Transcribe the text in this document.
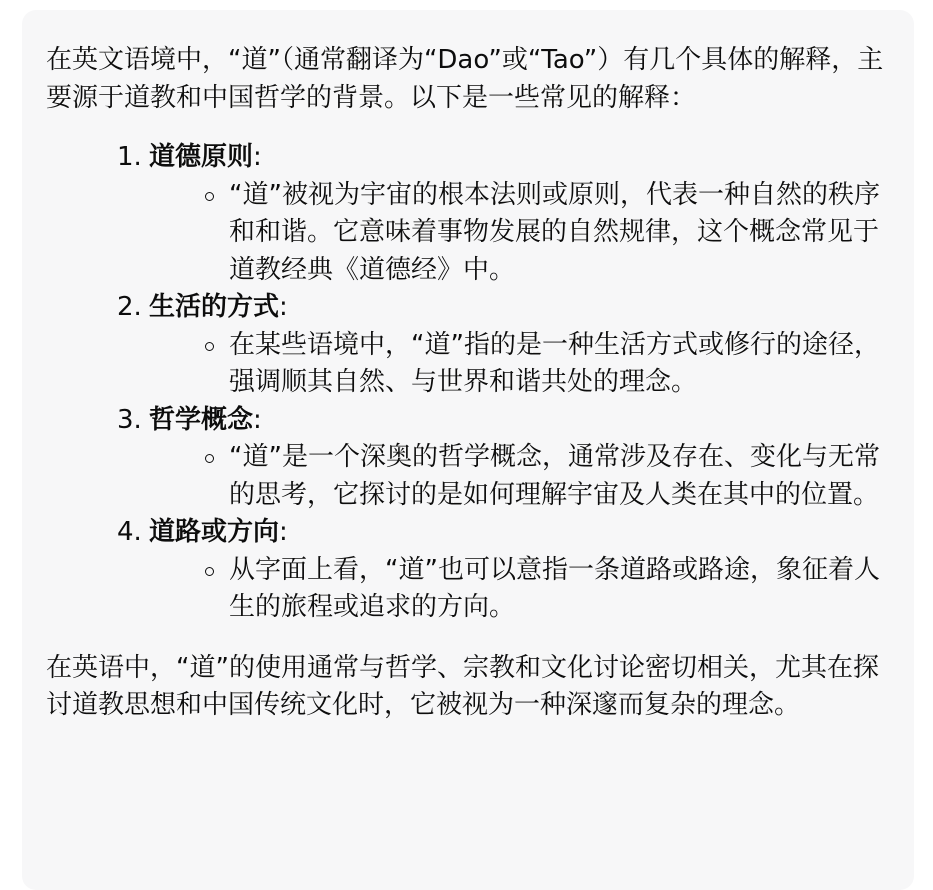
在英文语境中，“道”（通常翻译为“Dao”或“Tao”）有几个具体的解释，主要源于道教和中国哲学的背景。以下是一些常见的解释：

1. 道德原则:
“道”被视为宇宙的根本法则或原则，代表一种自然的秩序和和谐。它意味着事物发展的自然规律，这个概念常见于道教经典《道德经》中。
2. 生活的方式:
在某些语境中，“道”指的是一种生活方式或修行的途径，强调顺其自然、与世界和谐共处的理念。
3. 哲学概念:
“道”是一个深奥的哲学概念，通常涉及存在、变化与无常的思考，它探讨的是如何理解宇宙及人类在其中的位置。
4. 道路或方向:
从字面上看，“道”也可以意指一条道路或路途，象征着人生的旅程或追求的方向。

在英语中，“道”的使用通常与哲学、宗教和文化讨论密切相关，尤其在探讨道教思想和中国传统文化时，它被视为一种深邃而复杂的理念。
